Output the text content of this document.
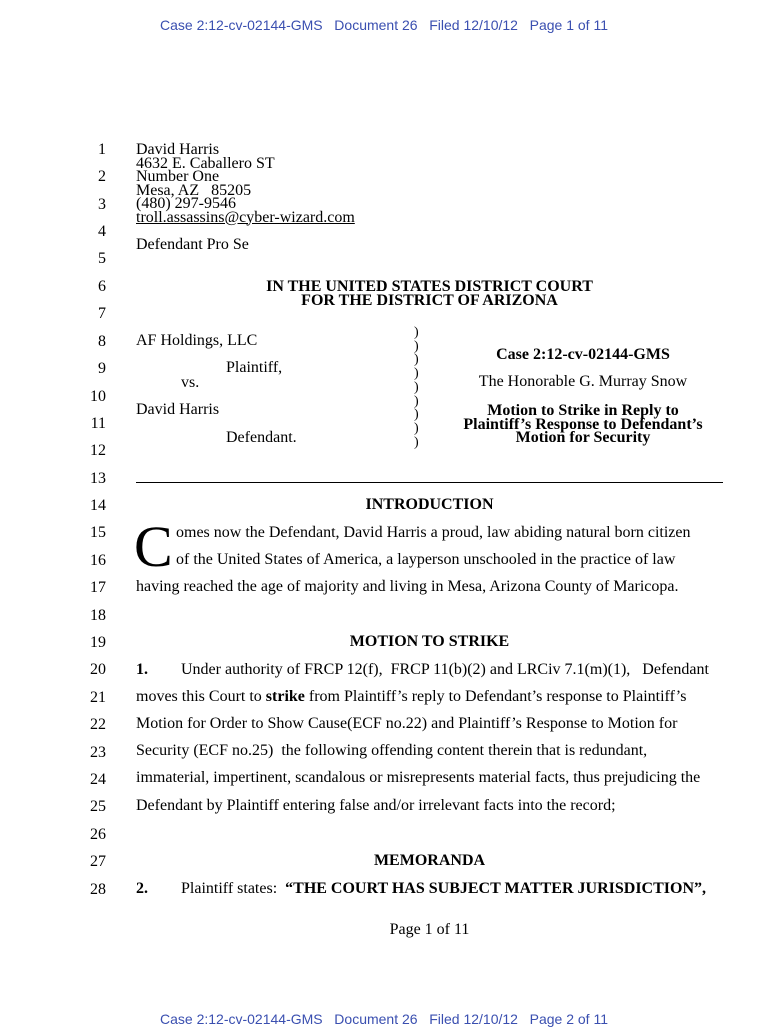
Case 2:12-cv-02144-GMS   Document 26   Filed 12/10/12   Page 1 of 11
1
2
3
4
5
6
7
8
9
10
11
12
13
14
15
16
17
18
19
20
21
22
23
24
25
26
27
28
David Harris
4632 E. Caballero ST
Number One
Mesa, AZ   85205
(480) 297-9546
troll.assassins@cyber-wizard.com
Defendant Pro Se
IN THE UNITED STATES DISTRICT COURT
FOR THE DISTRICT OF ARIZONA
AF Holdings, LLC
Plaintiff,
vs.
David Harris
Defendant.
)
)
)
)
)
)
)
)
)
Case 2:12-cv-02144-GMS
The Honorable G. Murray Snow
Motion to Strike in Reply to
Plaintiff’s Response to Defendant’s
Motion for Security
INTRODUCTION
C omes now the Defendant, David Harris a proud, law abiding natural born citizen
of the United States of America, a layperson unschooled in the practice of law
having reached the age of majority and living in Mesa, Arizona County of Maricopa.
MOTION TO STRIKE
1. Under authority of FRCP 12(f),  FRCP 11(b)(2) and LRCiv 7.1(m)(1),   Defendant
moves this Court to strike from Plaintiff’s reply to Defendant’s response to Plaintiff’s
Motion for Order to Show Cause(ECF no.22) and Plaintiff’s Response to Motion for
Security (ECF no.25)  the following offending content therein that is redundant,
immaterial, impertinent, scandalous or misrepresents material facts, thus prejudicing the
Defendant by Plaintiff entering false and/or irrelevant facts into the record;
MEMORANDA
2. Plaintiff states:  “THE COURT HAS SUBJECT MATTER JURISDICTION”,
Page 1 of 11
Case 2:12-cv-02144-GMS   Document 26   Filed 12/10/12   Page 2 of 11
